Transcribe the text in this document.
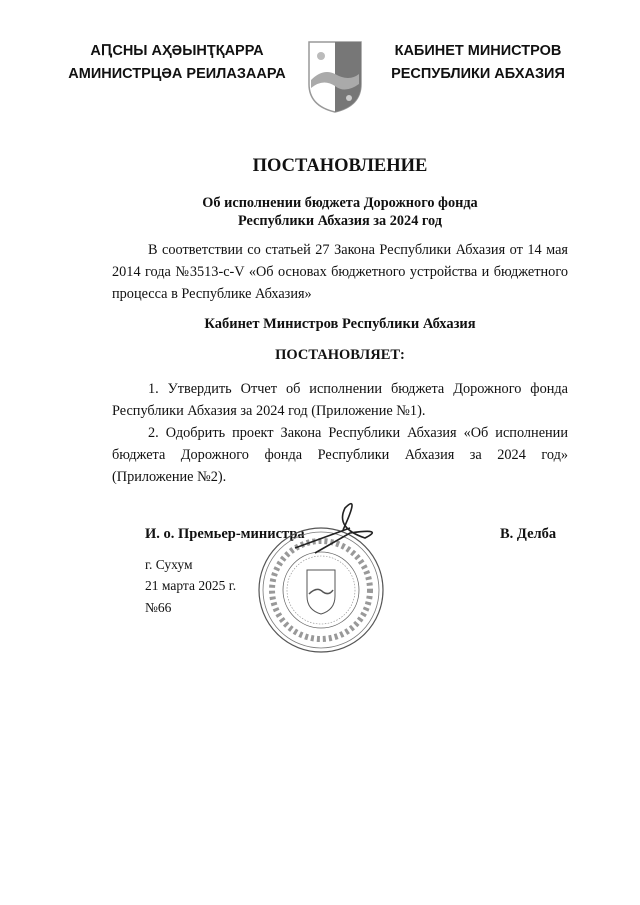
АԤСНЫ АҲӘЫНҬҚАРРА
АМИНИСТРЦӘА РЕИЛАЗААРА
КАБИНЕТ МИНИСТРОВ
РЕСПУБЛИКИ АБХАЗИЯ
ПОСТАНОВЛЕНИЕ
Об исполнении бюджета Дорожного фонда
Республики Абхазия за 2024 год
В соответствии со статьей 27 Закона Республики Абхазия от 14 мая 2014 года №3513-с-V «Об основах бюджетного устройства и бюджетного процесса в Республике Абхазия»
Кабинет Министров Республики Абхазия
ПОСТАНОВЛЯЕТ:
1. Утвердить Отчет об исполнении бюджета Дорожного фонда Республики Абхазия за 2024 год (Приложение №1).
2. Одобрить проект Закона Республики Абхазия «Об исполнении бюджета Дорожного фонда Республики Абхазия за 2024 год» (Приложение №2).
И. о. Премьер-министра	В. Делба
г. Сухум
21 марта 2025 г.
№66
